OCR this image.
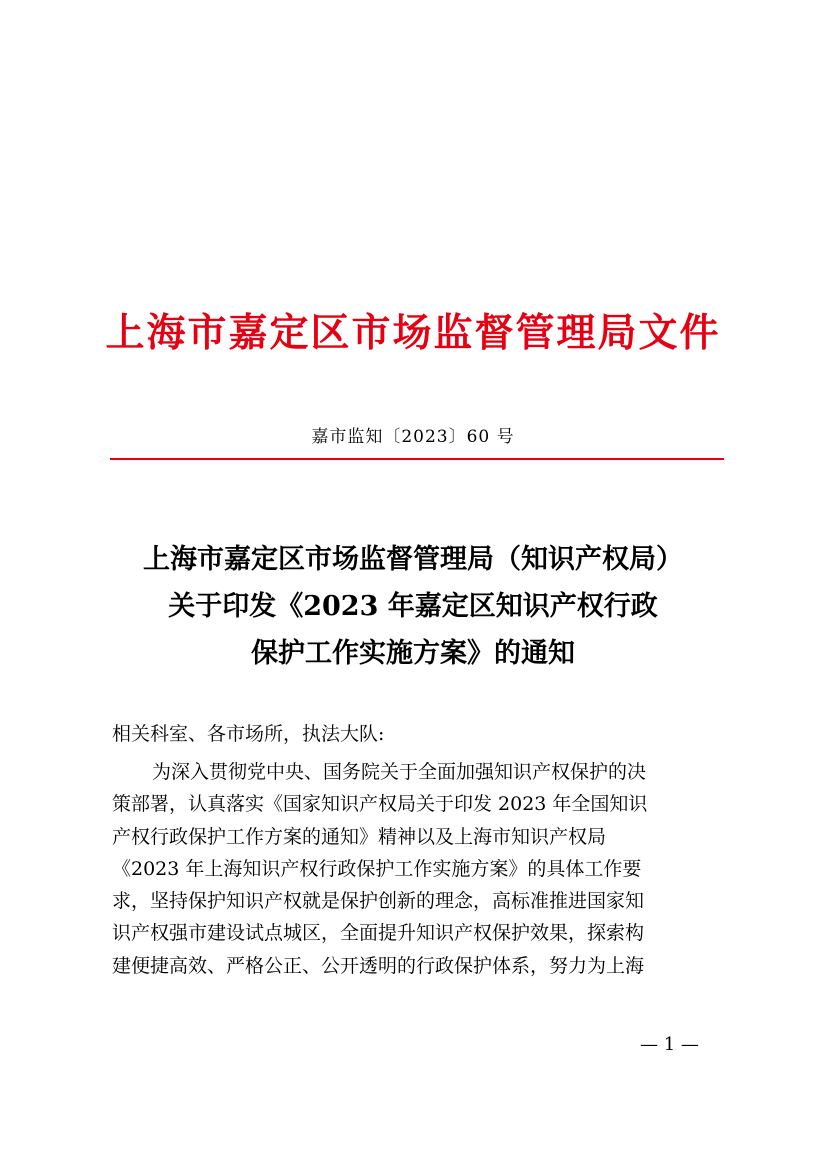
上海市嘉定区市场监督管理局文件
嘉市监知〔2023〕60 号
上海市嘉定区市场监督管理局（知识产权局）
关于印发《2023 年嘉定区知识产权行政
保护工作实施方案》的通知
相关科室、各市场所，执法大队:
为深入贯彻党中央、国务院关于全面加强知识产权保护的决
策部署，认真落实《国家知识产权局关于印发 2023 年全国知识
产权行政保护工作方案的通知》精神以及上海市知识产权局
《2023 年上海知识产权行政保护工作实施方案》的具体工作要
求，坚持保护知识产权就是保护创新的理念，高标准推进国家知
识产权强市建设试点城区，全面提升知识产权保护效果，探索构
建便捷高效、严格公正、公开透明的行政保护体系，努力为上海
— 1 —
